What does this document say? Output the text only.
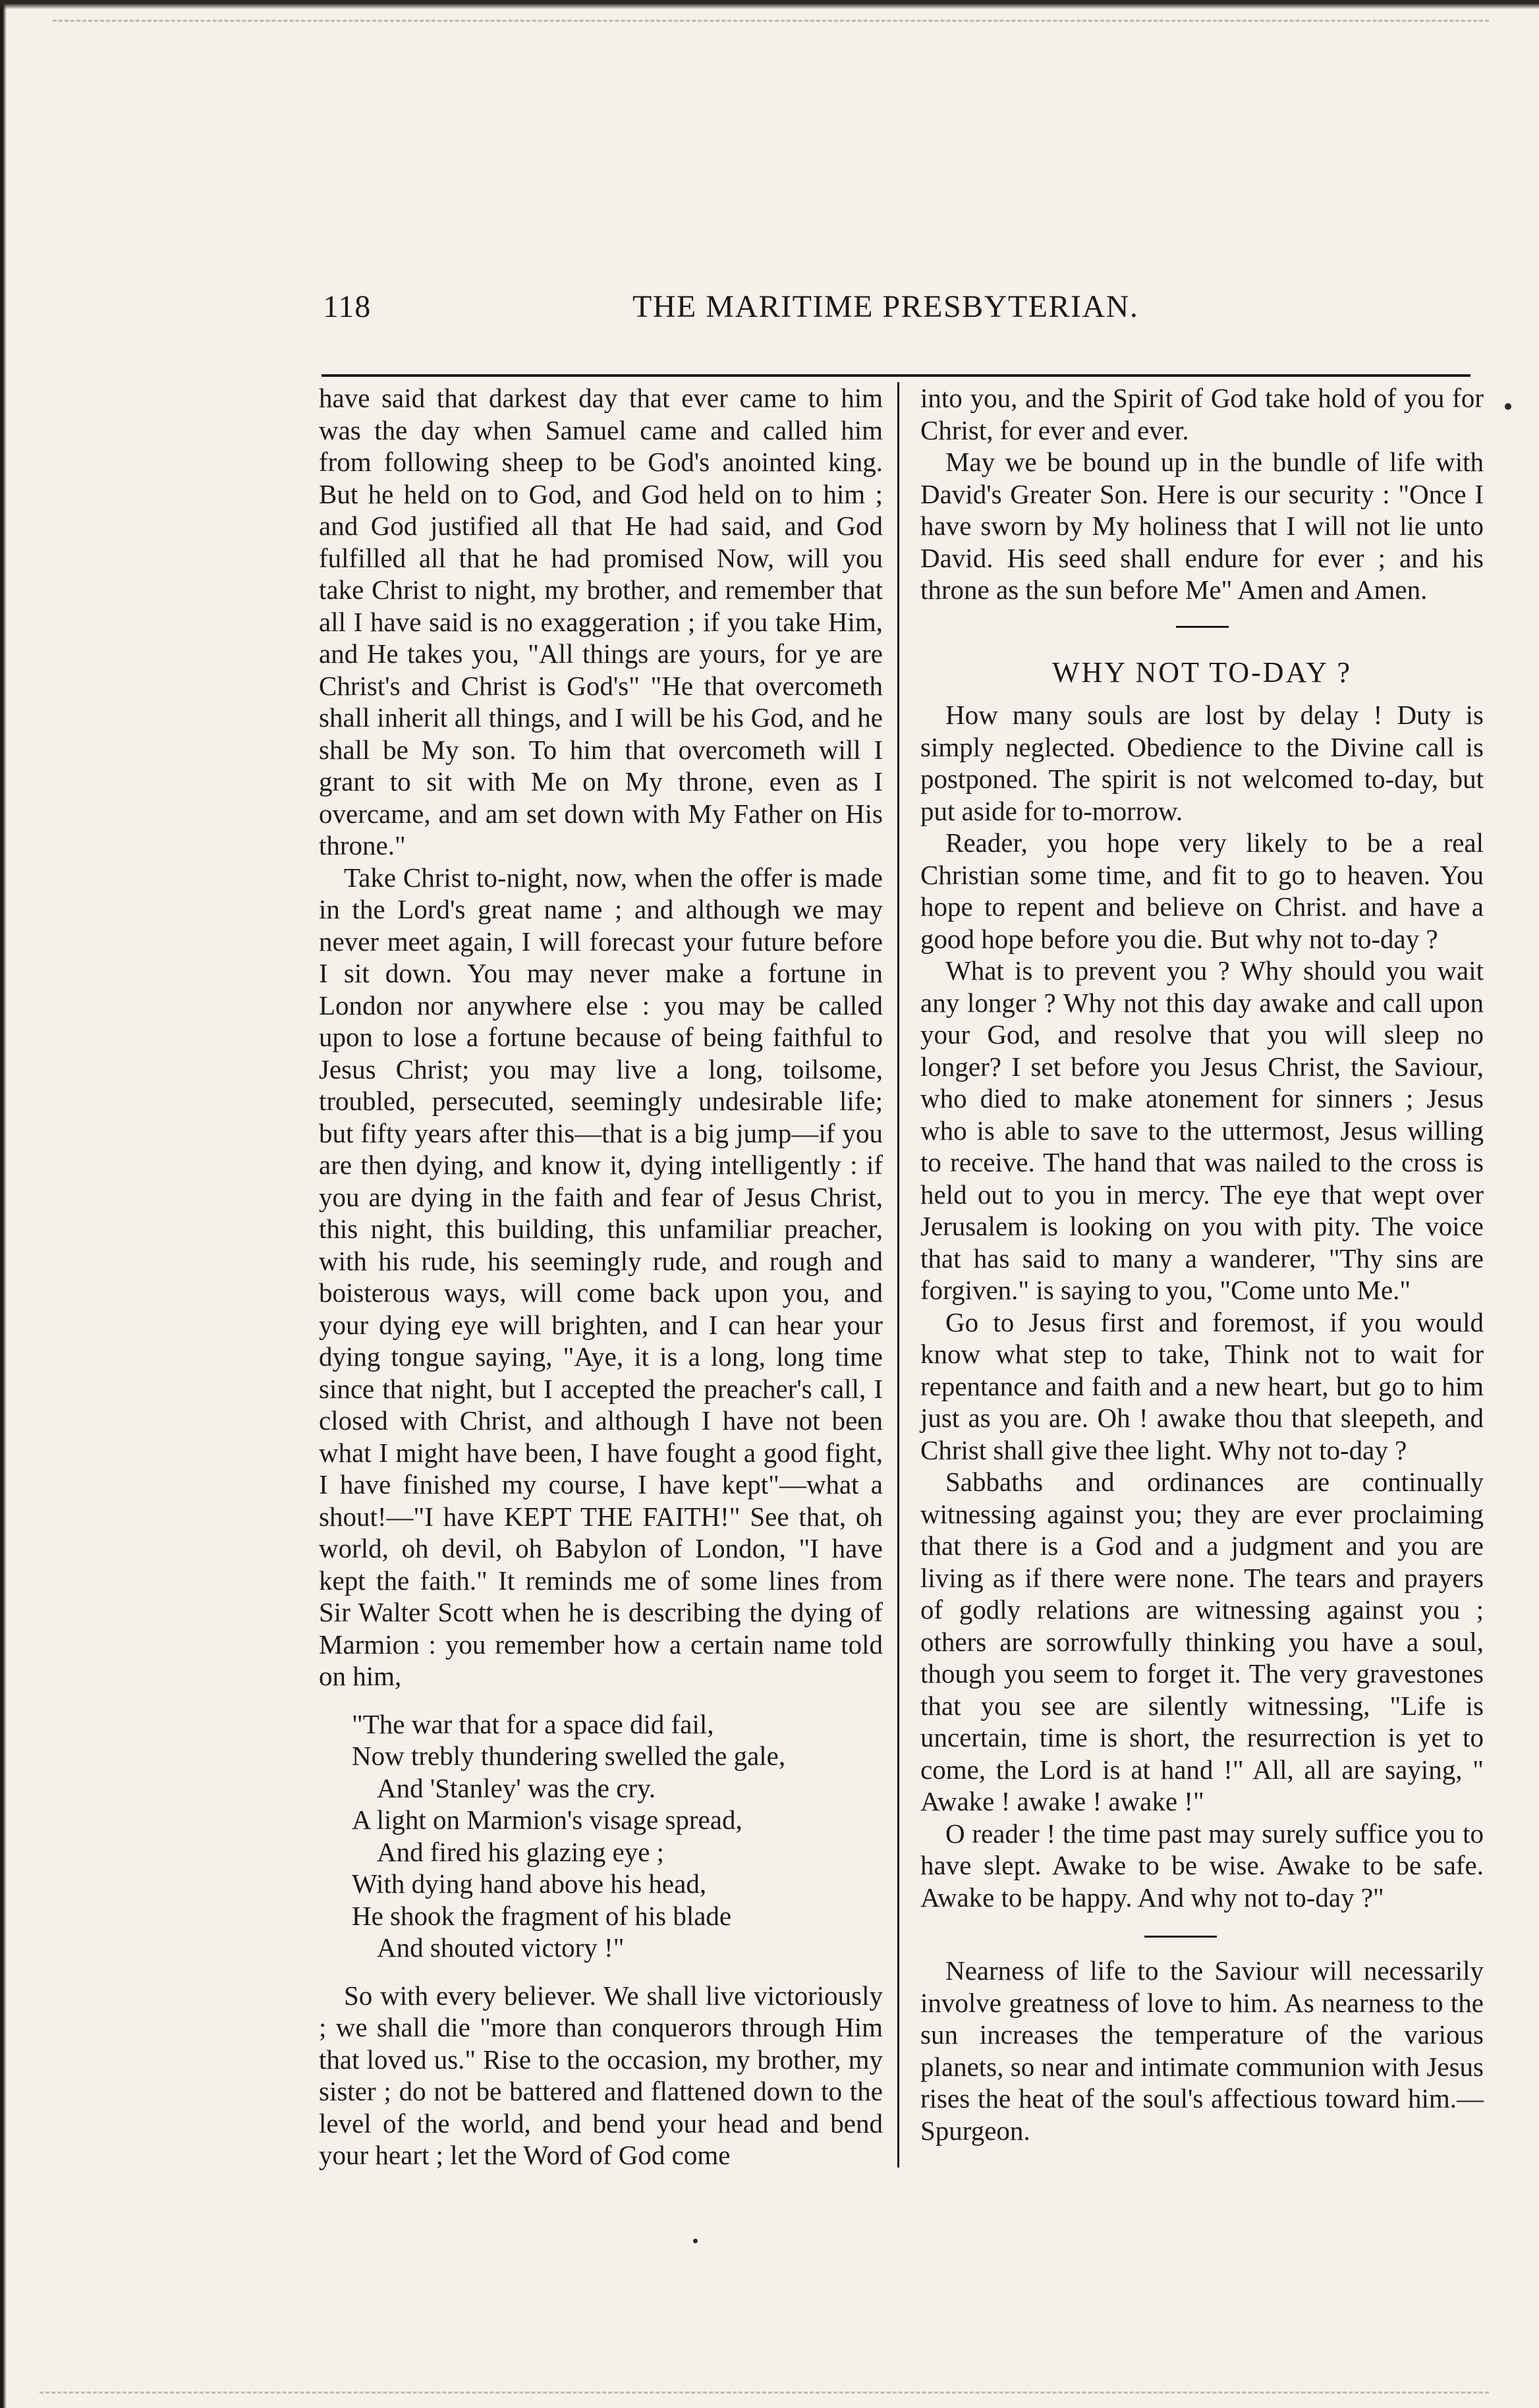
118	THE MARITIME PRESBYTERIAN.

have said that darkest day that ever came to him was the day when Samuel came and called him from following sheep to be God's anointed king. But he held on to God, and God held on to him ; and God justified all that He had said, and God fulfilled all that he had promised Now, will you take Christ to night, my brother, and remember that all I have said is no exaggeration ; if you take Him, and He takes you, "All things are yours, for ye are Christ's and Christ is God's" "He that overcometh shall inherit all things, and I will be his God, and he shall be My son. To him that overcometh will I grant to sit with Me on My throne, even as I overcame, and am set down with My Father on His throne."

Take Christ to-night, now, when the offer is made in the Lord's great name ; and although we may never meet again, I will forecast your future before I sit down. You may never make a fortune in London nor anywhere else : you may be called upon to lose a fortune because of being faithful to Jesus Christ; you may live a long, toilsome, troubled, persecuted, seemingly undesirable life; but fifty years after this—that is a big jump—if you are then dying, and know it, dying intelligently : if you are dying in the faith and fear of Jesus Christ, this night, this building, this unfamiliar preacher, with his rude, his seemingly rude, and rough and boisterous ways, will come back upon you, and your dying eye will brighten, and I can hear your dying tongue saying, "Aye, it is a long, long time since that night, but I accepted the preacher's call, I closed with Christ, and although I have not been what I might have been, I have fought a good fight, I have finished my course, I have kept"—what a shout!—"I have KEPT THE FAITH!" See that, oh world, oh devil, oh Babylon of London, "I have kept the faith." It reminds me of some lines from Sir Walter Scott when he is describing the dying of Marmion : you remember how a certain name told on him,

"The war that for a space did fail,
Now trebly thundering swelled the gale,
And 'Stanley' was the cry.
A light on Marmion's visage spread,
And fired his glazing eye ;
With dying hand above his head,
He shook the fragment of his blade
And shouted victory !"

So with every believer. We shall live victoriously ; we shall die "more than conquerors through Him that loved us." Rise to the occasion, my brother, my sister ; do not be battered and flattened down to the level of the world, and bend your head and bend your heart ; let the Word of God come

into you, and the Spirit of God take hold of you for Christ, for ever and ever.

May we be bound up in the bundle of life with David's Greater Son. Here is our security : "Once I have sworn by My holiness that I will not lie unto David. His seed shall endure for ever ; and his throne as the sun before Me" Amen and Amen.

WHY NOT TO-DAY ?

How many souls are lost by delay ! Duty is simply neglected. Obedience to the Divine call is postponed. The spirit is not welcomed to-day, but put aside for to-morrow.

Reader, you hope very likely to be a real Christian some time, and fit to go to heaven. You hope to repent and believe on Christ. and have a good hope before you die. But why not to-day ?

What is to prevent you ? Why should you wait any longer ? Why not this day awake and call upon your God, and resolve that you will sleep no longer? I set before you Jesus Christ, the Saviour, who died to make atonement for sinners ; Jesus who is able to save to the uttermost, Jesus willing to receive. The hand that was nailed to the cross is held out to you in mercy. The eye that wept over Jerusalem is looking on you with pity. The voice that has said to many a wanderer, "Thy sins are forgiven." is saying to you, "Come unto Me."

Go to Jesus first and foremost, if you would know what step to take, Think not to wait for repentance and faith and a new heart, but go to him just as you are. Oh ! awake thou that sleepeth, and Christ shall give thee light. Why not to-day ?

Sabbaths and ordinances are continually witnessing against you; they are ever proclaiming that there is a God and a judgment and you are living as if there were none. The tears and prayers of godly relations are witnessing against you ; others are sorrowfully thinking you have a soul, though you seem to forget it. The very gravestones that you see are silently witnessing, "Life is uncertain, time is short, the resurrection is yet to come, the Lord is at hand !" All, all are saying, " Awake ! awake ! awake !"

O reader ! the time past may surely suffice you to have slept. Awake to be wise. Awake to be safe. Awake to be happy. And why not to-day ?"

Nearness of life to the Saviour will necessarily involve greatness of love to him. As nearness to the sun increases the temperature of the various planets, so near and intimate communion with Jesus rises the heat of the soul's affectious toward him.—Spurgeon.
